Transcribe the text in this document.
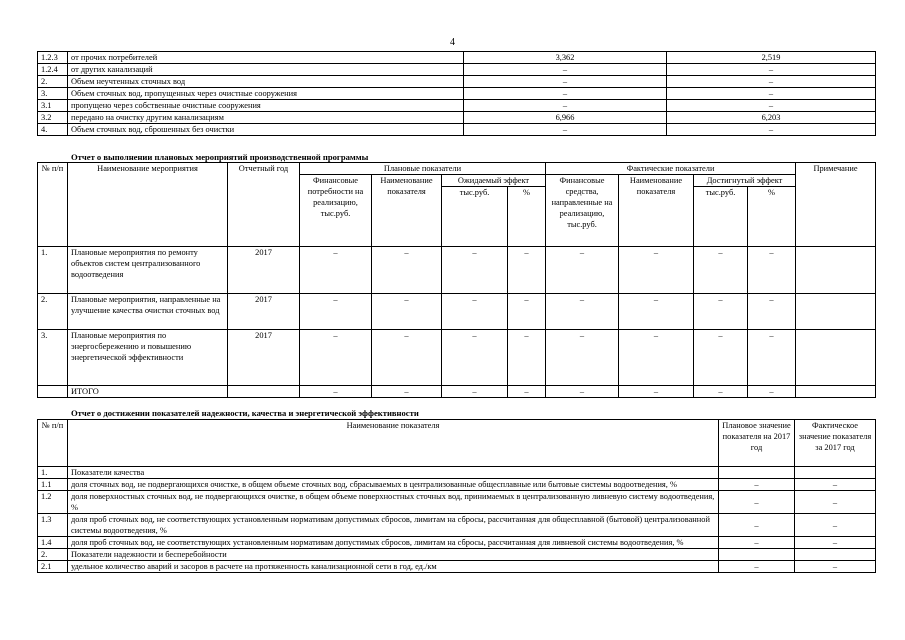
4
1.2.3	от прочих потребителей	3,362	2,519
1.2.4	от других канализаций	–	–
2.	Объем неучтенных сточных вод	–	–
3.	Объем сточных вод, пропущенных через очистные сооружения	–	–
3.1	пропущено через собственные очистные сооружения	–	–
3.2	передано на очистку другим канализациям	6,966	6,203
4.	Объем сточных вод, сброшенных без очистки	–	–
Отчет о выполнении плановых мероприятий производственной программы
№ п/п	Наименование мероприятия	Отчетный год	Плановые показатели				Фактические показатели				Примечание
			Финансовые потребности на реализацию, тыс.руб.	Наименование показателя	Ожидаемый эффект		Финансовые средства, направленные на реализацию, тыс.руб.	Наименование показателя	Достигнутый эффект		
					тыс.руб.	%			тыс.руб.	%	
1.	Плановые мероприятия по ремонту объектов систем централизованного водоотведения	2017	–	–	–	–	–	–	–	–	
2.	Плановые мероприятия, направленные на улучшение качества очистки сточных вод	2017	–	–	–	–	–	–	–	–	
3.	Плановые мероприятия по энергосбережению и повышению энергетической эффективности	2017	–	–	–	–	–	–	–	–	
	ИТОГО		–	–	–	–	–	–	–	–	
Отчет о достижении показателей надежности, качества и энергетической эффективности
№ п/п	Наименование показателя	Плановое значение показателя на 2017 год	Фактическое значение показателя за 2017 год
1.	Показатели качества		
1.1	доля сточных вод, не подвергающихся очистке, в общем объеме сточных вод, сбрасываемых в централизованные общесплавные или бытовые системы водоотведения, %	–	–
1.2	доля поверхностных сточных вод, не подвергающихся очистке, в общем объеме поверхностных сточных вод, принимаемых в централизованную ливневую систему водоотведения, %	–	–
1.3	доля проб сточных вод, не соответствующих установленным нормативам допустимых сбросов, лимитам на сбросы, рассчитанная для общесплавной (бытовой) централизованной системы водоотведения, %	–	–
1.4	доля проб сточных вод, не соответствующих установленным нормативам допустимых сбросов, лимитам на сбросы, рассчитанная для ливневой системы водоотведения, %	–	–
2.	Показатели надежности и бесперебойности		
2.1	удельное количество аварий и засоров в расчете на протяженность канализационной сети в год, ед./км	–	–
